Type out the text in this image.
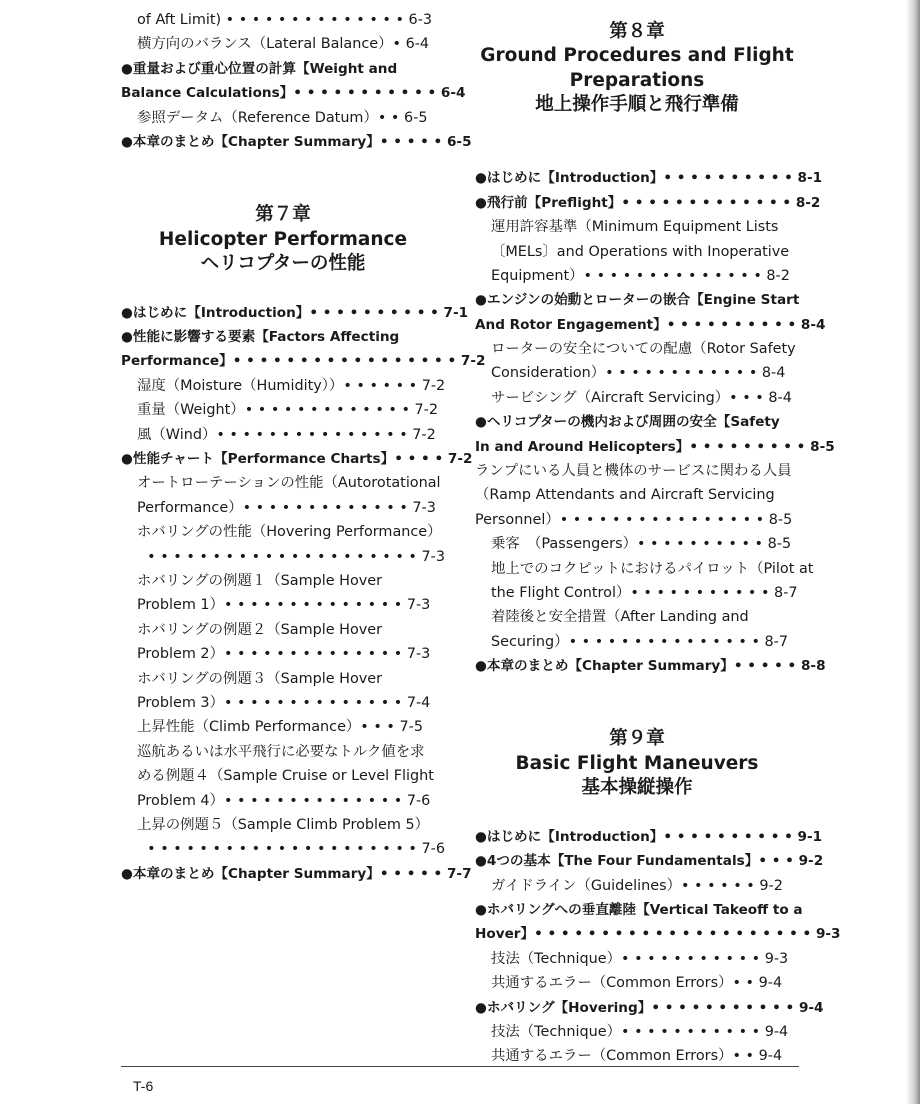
of Aft Limit) • • • • • • • • • • • • • • 6-3
横方向のバランス（Lateral Balance）• 6-4
●重量および重心位置の計算【Weight and
Balance Calculations】• • • • • • • • • • • 6-4
参照データム（Reference Datum）• • 6-5
●本章のまとめ【Chapter Summary】• • • • • 6-5
第７章
Helicopter Performance
ヘリコプターの性能
●はじめに【Introduction】• • • • • • • • • • 7-1
●性能に影響する要素【Factors Affecting
Performance】• • • • • • • • • • • • • • • • • 7-2
湿度（Moisture（Humidity））• • • • • • 7-2
重量（Weight）• • • • • • • • • • • • • 7-2
風（Wind）• • • • • • • • • • • • • • • 7-2
●性能チャート【Performance Charts】• • • • 7-2
オートローテーションの性能（Autorotational
Performance）• • • • • • • • • • • • • 7-3
ホバリングの性能（Hovering Performance）
• • • • • • • • • • • • • • • • • • • • • 7-3
ホバリングの例題１（Sample Hover
Problem 1）• • • • • • • • • • • • • • 7-3
ホバリングの例題２（Sample Hover
Problem 2）• • • • • • • • • • • • • • 7-3
ホバリングの例題３（Sample Hover
Problem 3）• • • • • • • • • • • • • • 7-4
上昇性能（Climb Performance）• • • 7-5
巡航あるいは水平飛行に必要なトルク値を求
める例題４（Sample Cruise or Level Flight
Problem 4）• • • • • • • • • • • • • • 7-6
上昇の例題５（Sample Climb Problem 5）
• • • • • • • • • • • • • • • • • • • • • 7-6
●本章のまとめ【Chapter Summary】• • • • • 7-7
第８章
Ground Procedures and Flight
Preparations
地上操作手順と飛行準備
●はじめに【Introduction】• • • • • • • • • • 8-1
●飛行前【Preflight】• • • • • • • • • • • • • 8-2
運用許容基準（Minimum Equipment Lists
〔MELs〕and Operations with Inoperative
Equipment）• • • • • • • • • • • • • • 8-2
●エンジンの始動とローターの嵌合【Engine Start
And Rotor Engagement】• • • • • • • • • • 8-4
ローターの安全についての配慮（Rotor Safety
Consideration）• • • • • • • • • • • • 8-4
サービシング（Aircraft Servicing）• • • 8-4
●ヘリコプターの機内および周囲の安全【Safety
In and Around Helicopters】• • • • • • • • • 8-5
ランプにいる人員と機体のサービスに関わる人員
（Ramp Attendants and Aircraft Servicing
Personnel）• • • • • • • • • • • • • • • • 8-5
乗客　（Passengers）• • • • • • • • • • 8-5
地上でのコクピットにおけるパイロット（Pilot at
the Flight Control）• • • • • • • • • • • 8-7
着陸後と安全措置（After Landing and
Securing）• • • • • • • • • • • • • • • 8-7
●本章のまとめ【Chapter Summary】• • • • • 8-8
第９章
Basic Flight Maneuvers
基本操縦操作
●はじめに【Introduction】• • • • • • • • • • 9-1
●4つの基本【The Four Fundamentals】• • • 9-2
ガイドライン（Guidelines）• • • • • • 9-2
●ホバリングへの垂直離陸【Vertical Takeoff to a
Hover】• • • • • • • • • • • • • • • • • • • • • 9-3
技法（Technique）• • • • • • • • • • • 9-3
共通するエラー（Common Errors）• • 9-4
●ホバリング【Hovering】• • • • • • • • • • • 9-4
技法（Technique）• • • • • • • • • • • 9-4
共通するエラー（Common Errors）• • 9-4
T-6
